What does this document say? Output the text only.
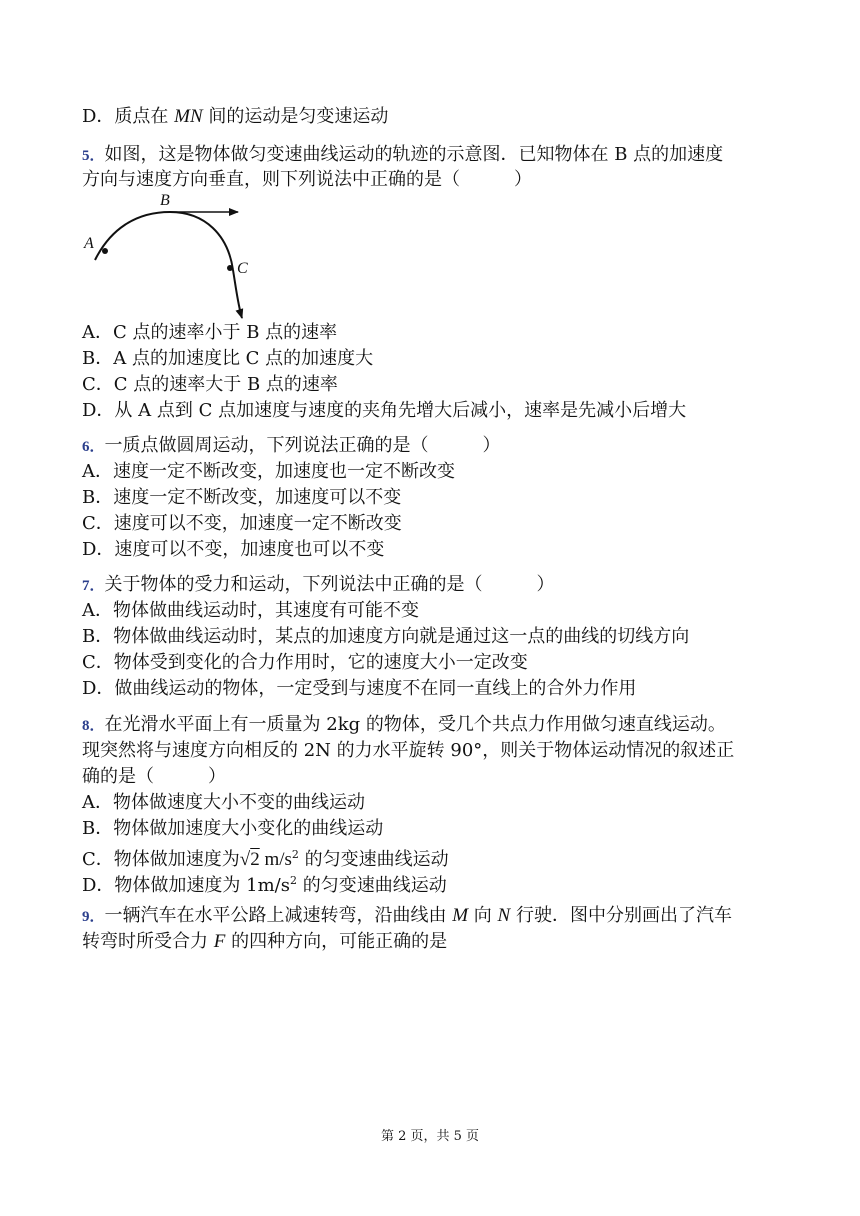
D．质点在 MN 间的运动是匀变速运动
5．如图，这是物体做匀变速曲线运动的轨迹的示意图．已知物体在 B 点的加速度
方向与速度方向垂直，则下列说法中正确的是（　　　）
A
B
C
A．C 点的速率小于 B 点的速率
B．A 点的加速度比 C 点的加速度大
C．C 点的速率大于 B 点的速率
D．从 A 点到 C 点加速度与速度的夹角先增大后减小，速率是先减小后增大
6．一质点做圆周运动，下列说法正确的是（　　　）
A．速度一定不断改变，加速度也一定不断改变
B．速度一定不断改变，加速度可以不变
C．速度可以不变，加速度一定不断改变
D．速度可以不变，加速度也可以不变
7．关于物体的受力和运动，下列说法中正确的是（　　　）
A．物体做曲线运动时，其速度有可能不变
B．物体做曲线运动时，某点的加速度方向就是通过这一点的曲线的切线方向
C．物体受到变化的合力作用时，它的速度大小一定改变
D．做曲线运动的物体，一定受到与速度不在同一直线上的合外力作用
8．在光滑水平面上有一质量为 2kg 的物体，受几个共点力作用做匀速直线运动。
现突然将与速度方向相反的 2N 的力水平旋转 90°，则关于物体运动情况的叙述正
确的是（　　　）
A．物体做速度大小不变的曲线运动
B．物体做加速度大小变化的曲线运动
C．物体做加速度为√2 $m/s^2$ 的匀变速曲线运动
D．物体做加速度为 $1m/s^2$ 的匀变速曲线运动
9．一辆汽车在水平公路上减速转弯，沿曲线由 M 向 N 行驶．图中分别画出了汽车
转弯时所受合力 F 的四种方向，可能正确的是
第 2 页，共 5 页
